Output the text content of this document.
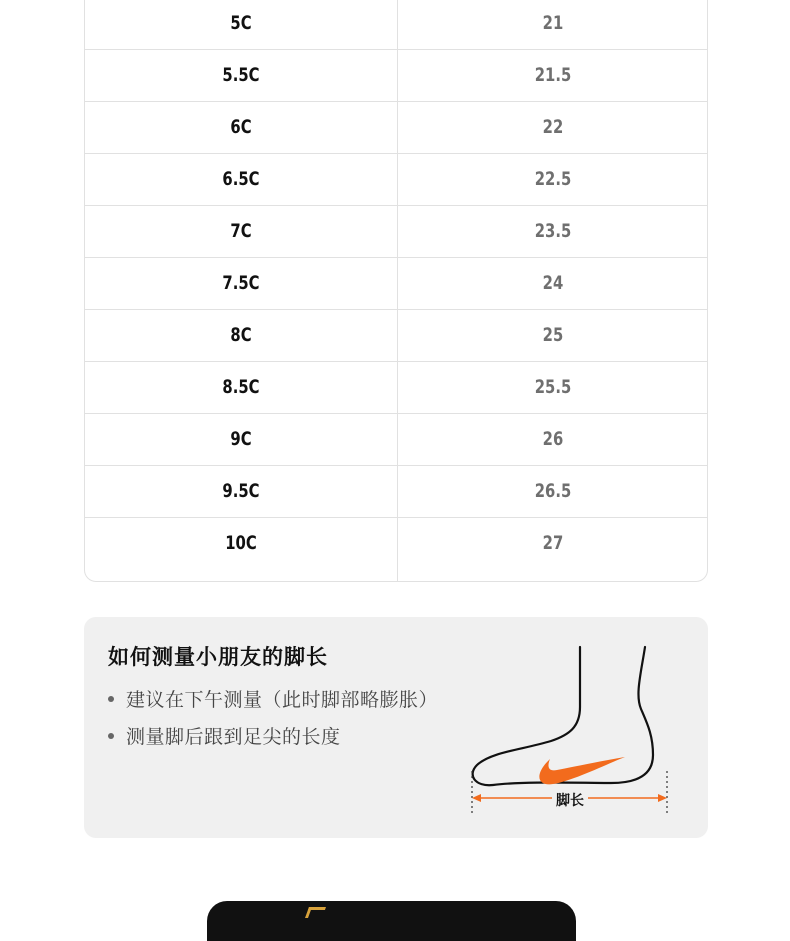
5C	21
5.5C	21.5
6C	22
6.5C	22.5
7C	23.5
7.5C	24
8C	25
8.5C	25.5
9C	26
9.5C	26.5
10C	27
如何测量小朋友的脚长
建议在下午测量（此时脚部略膨胀）
测量脚后跟到足尖的长度
脚长
